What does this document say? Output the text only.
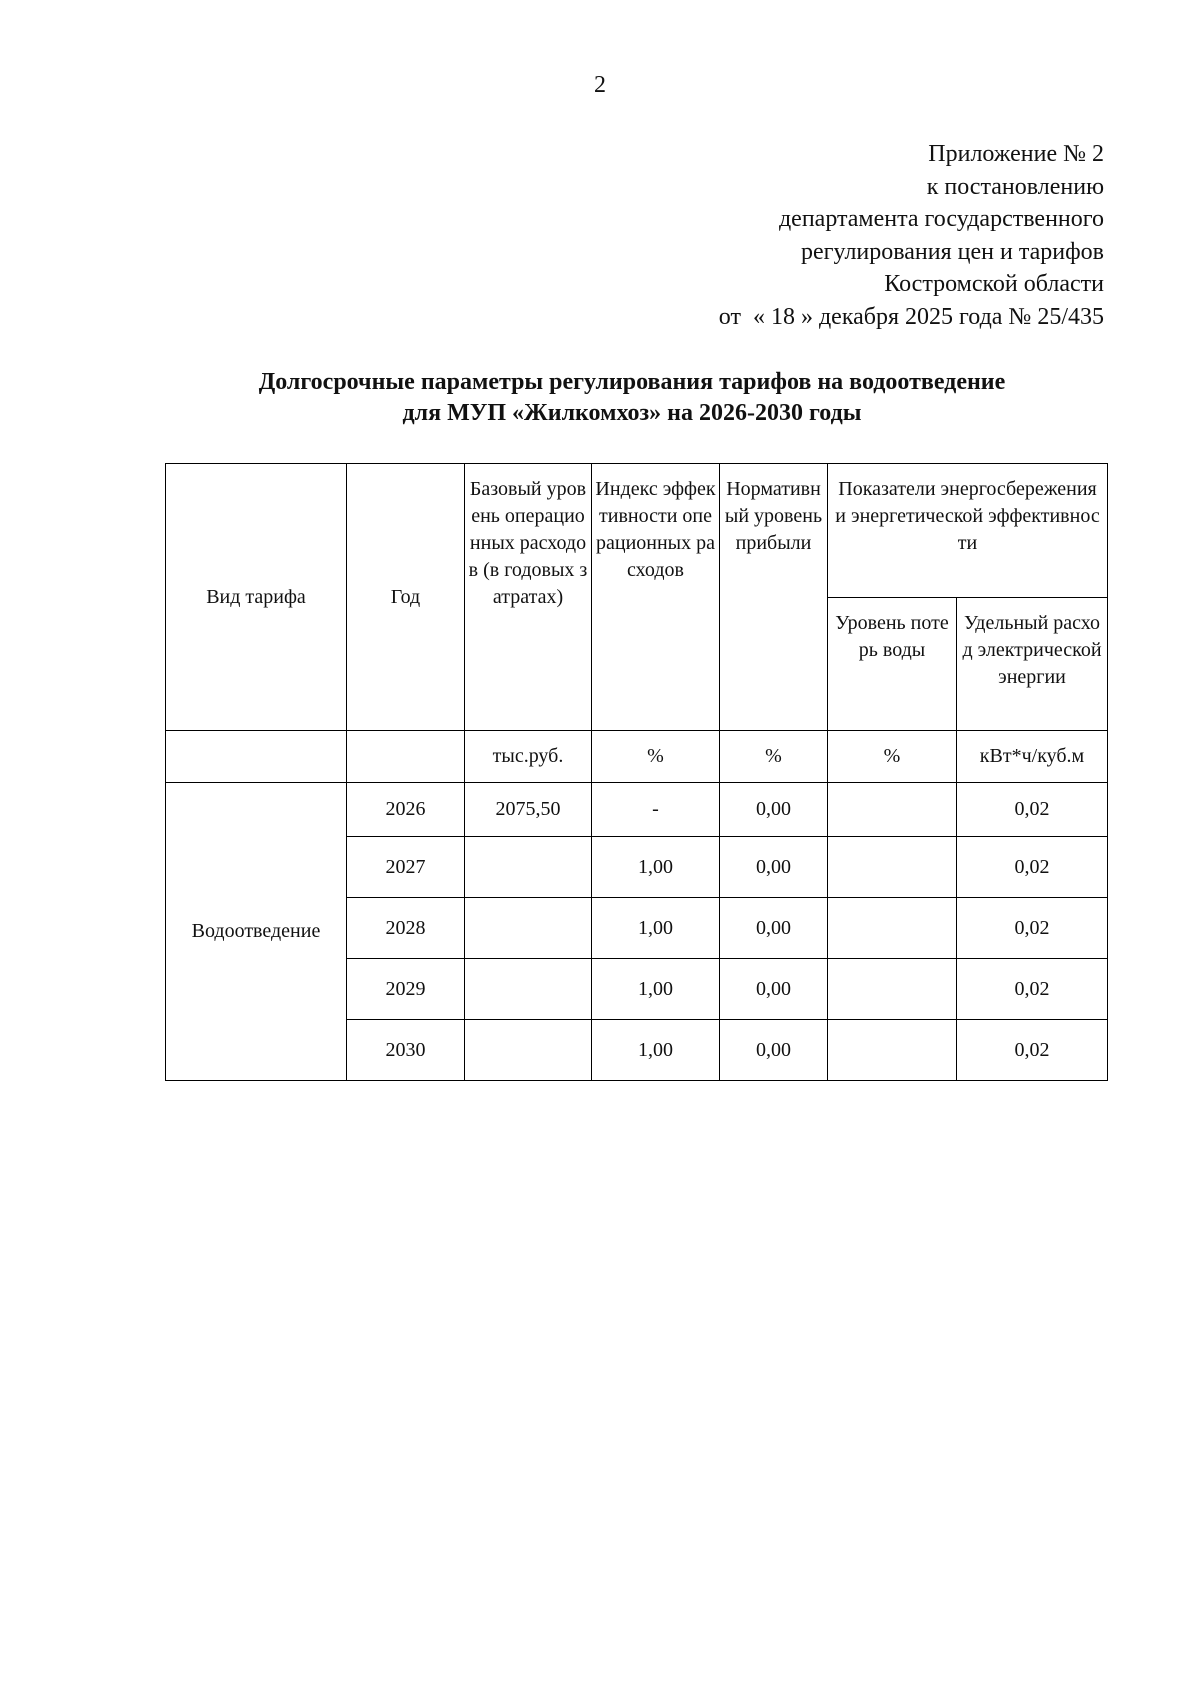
2
Приложение № 2
к постановлению
департамента государственного
регулирования цен и тарифов
Костромской области
от  « 18 » декабря 2025 года № 25/435
Долгосрочные параметры регулирования тарифов на водоотведение
для МУП «Жилкомхоз» на 2026-2030 годы
Вид тарифа	Год	Базовый уровень операционных расходов (в годовых затратах)	Индекс эффективности операционных расходов	Нормативный уровень прибыли	Показатели энергосбережения и энергетической эффективности	
					Уровень потерь воды	Удельный расход электрической энергии
		тыс.руб.	%	%	%	кВт*ч/куб.м
Водоотведение	2026	2075,50	-	0,00		0,02
	2027		1,00	0,00		0,02
	2028		1,00	0,00		0,02
	2029		1,00	0,00		0,02
	2030		1,00	0,00		0,02
